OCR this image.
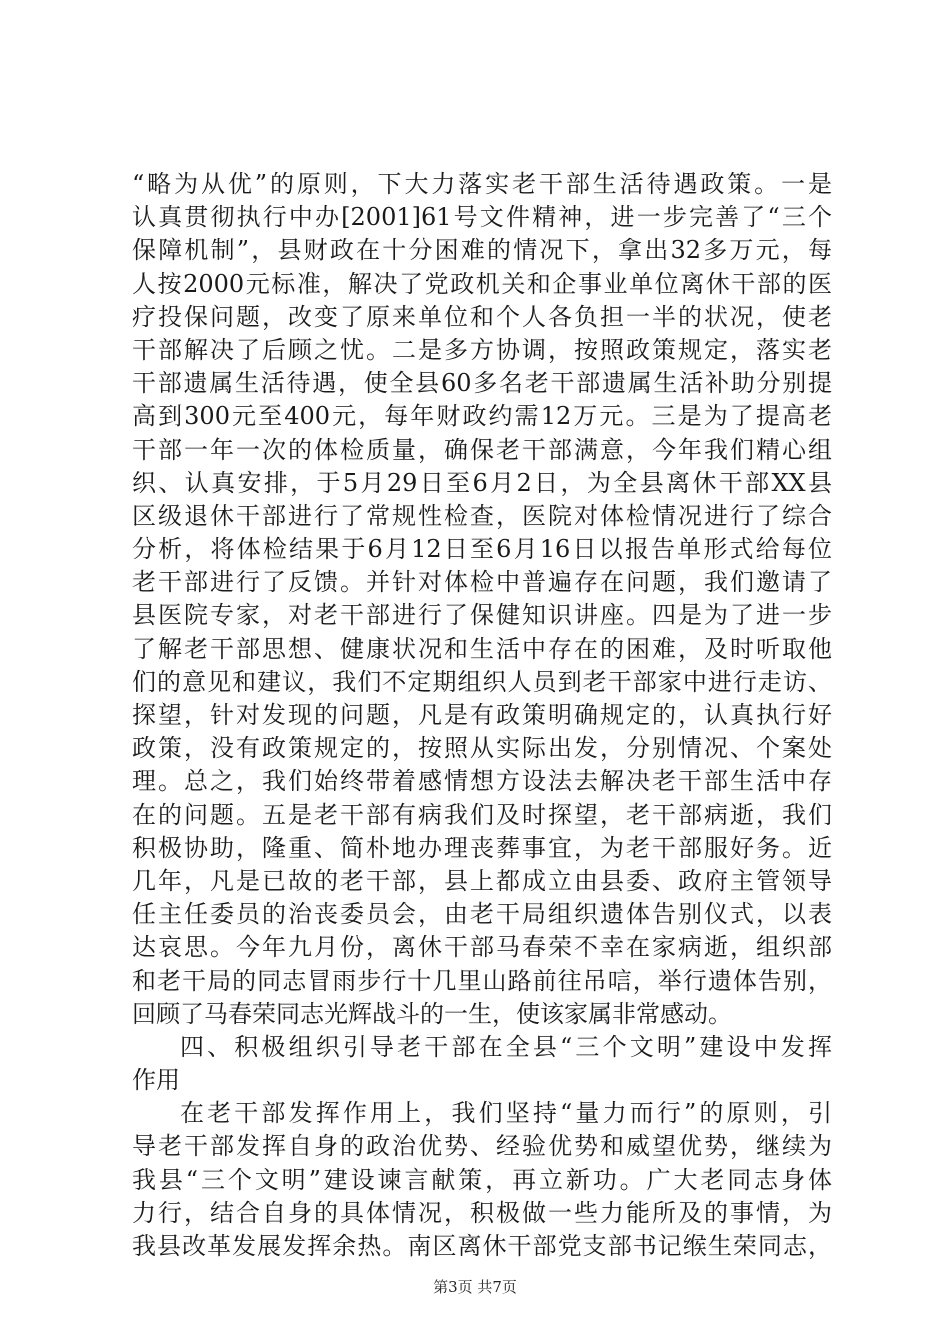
“略为从优”的原则，下大力落实老干部生活待遇政策。一是
认真贯彻执行中办[2001]61号文件精神，进一步完善了“三个
保障机制”，县财政在十分困难的情况下，拿出32多万元，每
人按2000元标准，解决了党政机关和企事业单位离休干部的医
疗投保问题，改变了原来单位和个人各负担一半的状况，使老
干部解决了后顾之忧。二是多方协调，按照政策规定，落实老
干部遗属生活待遇，使全县60多名老干部遗属生活补助分别提
高到300元至400元，每年财政约需12万元。三是为了提高老
干部一年一次的体检质量，确保老干部满意，今年我们精心组
织、认真安排，于5月29日至6月2日，为全县离休干部XX县
区级退休干部进行了常规性检查，医院对体检情况进行了综合
分析，将体检结果于6月12日至6月16日以报告单形式给每位
老干部进行了反馈。并针对体检中普遍存在问题，我们邀请了
县医院专家，对老干部进行了保健知识讲座。四是为了进一步
了解老干部思想、健康状况和生活中存在的困难，及时听取他
们的意见和建议，我们不定期组织人员到老干部家中进行走访、
探望，针对发现的问题，凡是有政策明确规定的，认真执行好
政策，没有政策规定的，按照从实际出发，分别情况、个案处
理。总之，我们始终带着感情想方设法去解决老干部生活中存
在的问题。五是老干部有病我们及时探望，老干部病逝，我们
积极协助，隆重、简朴地办理丧葬事宜，为老干部服好务。近
几年，凡是已故的老干部，县上都成立由县委、政府主管领导
任主任委员的治丧委员会，由老干局组织遗体告别仪式，以表
达哀思。今年九月份，离休干部马春荣不幸在家病逝，组织部
和老干局的同志冒雨步行十几里山路前往吊唁，举行遗体告别，
回顾了马春荣同志光辉战斗的一生，使该家属非常感动。
四、积极组织引导老干部在全县“三个文明”建设中发挥
作用
在老干部发挥作用上，我们坚持“量力而行”的原则，引
导老干部发挥自身的政治优势、经验优势和威望优势，继续为
我县“三个文明”建设谏言献策，再立新功。广大老同志身体
力行，结合自身的具体情况，积极做一些力能所及的事情，为
我县改革发展发挥余热。南区离休干部党支部书记缑生荣同志，
第3页 共7页
